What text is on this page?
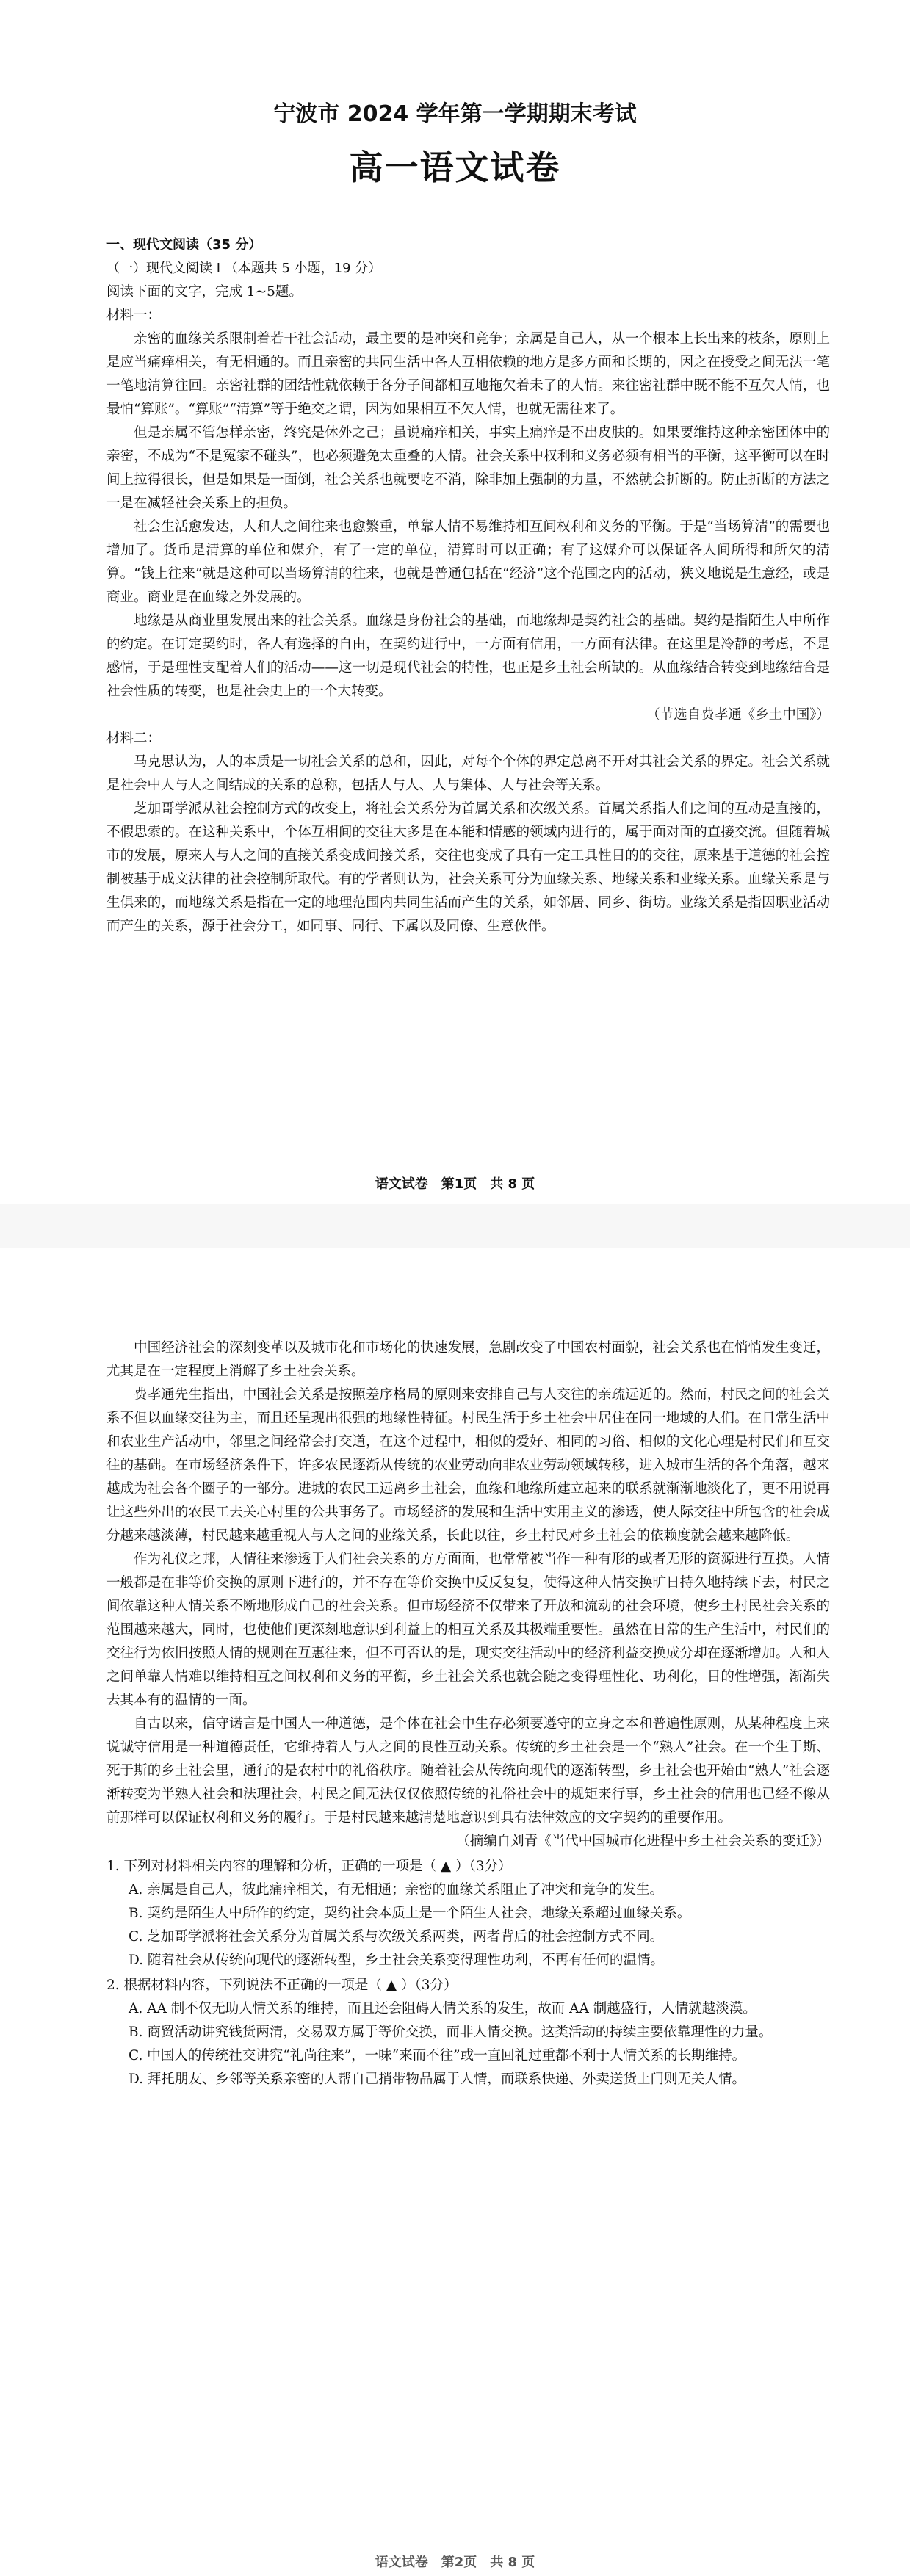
宁波市 2024 学年第一学期期末考试
高一语文试卷

一、现代文阅读（35 分）

（一）现代文阅读 I （本题共 5 小题，19 分）

阅读下面的文字，完成 1~5题。

材料一：

亲密的血缘关系限制着若干社会活动，最主要的是冲突和竞争；亲属是自己人，从一个根本上长出来的枝条，原则上是应当痛痒相关，有无相通的。而且亲密的共同生活中各人互相依赖的地方是多方面和长期的，因之在授受之间无法一笔一笔地清算往回。亲密社群的团结性就依赖于各分子间都相互地拖欠着未了的人情。来往密社群中既不能不互欠人情，也最怕“算账”。“算账”“清算”等于绝交之谓，因为如果相互不欠人情，也就无需往来了。

但是亲属不管怎样亲密，终究是休外之己；虽说痛痒相关，事实上痛痒是不出皮肤的。如果要维持这种亲密团体中的亲密，不成为“不是冤家不碰头”，也必须避免太重叠的人情。社会关系中权利和义务必须有相当的平衡，这平衡可以在时间上拉得很长，但是如果是一面倒，社会关系也就要吃不消，除非加上强制的力量，不然就会折断的。防止折断的方法之一是在减轻社会关系上的担负。

社会生活愈发达，人和人之间往来也愈繁重，单靠人情不易维持相互间权利和义务的平衡。于是“当场算清”的需要也增加了。货币是清算的单位和媒介，有了一定的单位，清算时可以正确；有了这媒介可以保证各人间所得和所欠的清算。“钱上往来”就是这种可以当场算清的往来，也就是普通包括在“经济”这个范围之内的活动，狭义地说是生意经，或是商业。商业是在血缘之外发展的。

地缘是从商业里发展出来的社会关系。血缘是身份社会的基础，而地缘却是契约社会的基础。契约是指陌生人中所作的约定。在订定契约时，各人有选择的自由，在契约进行中，一方面有信用，一方面有法律。在这里是冷静的考虑，不是感情，于是理性支配着人们的活动——这一切是现代社会的特性，也正是乡土社会所缺的。从血缘结合转变到地缘结合是社会性质的转变，也是社会史上的一个大转变。

（节选自费孝通《乡土中国》）

材料二：

马克思认为，人的本质是一切社会关系的总和，因此，对每个个体的界定总离不开对其社会关系的界定。社会关系就是社会中人与人之间结成的关系的总称，包括人与人、人与集体、人与社会等关系。

芝加哥学派从社会控制方式的改变上，将社会关系分为首属关系和次级关系。首属关系指人们之间的互动是直接的，不假思索的。在这种关系中，个体互相间的交往大多是在本能和情感的领域内进行的，属于面对面的直接交流。但随着城市的发展，原来人与人之间的直接关系变成间接关系，交往也变成了具有一定工具性目的的交往，原来基于道德的社会控制被基于成文法律的社会控制所取代。有的学者则认为，社会关系可分为血缘关系、地缘关系和业缘关系。血缘关系是与生俱来的，而地缘关系是指在一定的地理范围内共同生活而产生的关系，如邻居、同乡、街坊。业缘关系是指因职业活动而产生的关系，源于社会分工，如同事、同行、下属以及同僚、生意伙伴。

语文试卷　第1页　共 8 页

中国经济社会的深刻变革以及城市化和市场化的快速发展，急剧改变了中国农村面貌，社会关系也在悄悄发生变迁，尤其是在一定程度上消解了乡土社会关系。

费孝通先生指出，中国社会关系是按照差序格局的原则来安排自己与人交往的亲疏远近的。然而，村民之间的社会关系不但以血缘交往为主，而且还呈现出很强的地缘性特征。村民生活于乡土社会中居住在同一地域的人们。在日常生活中和农业生产活动中，邻里之间经常会打交道，在这个过程中，相似的爱好、相同的习俗、相似的文化心理是村民们和互交往的基础。在市场经济条件下，许多农民逐渐从传统的农业劳动向非农业劳动领域转移，进入城市生活的各个角落，越来越成为社会各个圈子的一部分。进城的农民工远离乡土社会，血缘和地缘所建立起来的联系就渐渐地淡化了，更不用说再让这些外出的农民工去关心村里的公共事务了。市场经济的发展和生活中实用主义的渗透，使人际交往中所包含的社会成分越来越淡薄，村民越来越重视人与人之间的业缘关系，长此以往，乡土村民对乡土社会的依赖度就会越来越降低。

作为礼仪之邦，人情往来渗透于人们社会关系的方方面面，也常常被当作一种有形的或者无形的资源进行互换。人情一般都是在非等价交换的原则下进行的，并不存在等价交换中反反复复，使得这种人情交换旷日持久地持续下去，村民之间依靠这种人情关系不断地形成自己的社会关系。但市场经济不仅带来了开放和流动的社会环境，使乡土村民社会关系的范围越来越大，同时，也使他们更深刻地意识到利益上的相互关系及其极端重要性。虽然在日常的生产生活中，村民们的交往行为依旧按照人情的规则在互惠往来，但不可否认的是，现实交往活动中的经济利益交换成分却在逐渐增加。人和人之间单靠人情难以维持相互之间权利和义务的平衡，乡土社会关系也就会随之变得理性化、功利化，目的性增强，渐渐失去其本有的温情的一面。

自古以来，信守诺言是中国人一种道德，是个体在社会中生存必须要遵守的立身之本和普遍性原则，从某种程度上来说诚守信用是一种道德责任，它维持着人与人之间的良性互动关系。传统的乡土社会是一个“熟人”社会。在一个生于斯、死于斯的乡土社会里，通行的是农村中的礼俗秩序。随着社会从传统向现代的逐渐转型，乡土社会也开始由“熟人”社会逐渐转变为半熟人社会和法理社会，村民之间无法仅仅依照传统的礼俗社会中的规矩来行事，乡土社会的信用也已经不像从前那样可以保证权利和义务的履行。于是村民越来越清楚地意识到具有法律效应的文字契约的重要作用。

（摘编自刘青《当代中国城市化进程中乡土社会关系的变迁》）

1. 下列对材料相关内容的理解和分析，正确的一项是（ ▲ ）（3分）

A. 亲属是自己人，彼此痛痒相关，有无相通；亲密的血缘关系阻止了冲突和竞争的发生。

B. 契约是陌生人中所作的约定，契约社会本质上是一个陌生人社会，地缘关系超过血缘关系。

C. 芝加哥学派将社会关系分为首属关系与次级关系两类，两者背后的社会控制方式不同。

D. 随着社会从传统向现代的逐渐转型，乡土社会关系变得理性功利，不再有任何的温情。

2. 根据材料内容，下列说法不正确的一项是（ ▲ ）（3分）

A. AA 制不仅无助人情关系的维持，而且还会阻碍人情关系的发生，故而 AA 制越盛行，人情就越淡漠。

B. 商贸活动讲究钱货两清，交易双方属于等价交换，而非人情交换。这类活动的持续主要依靠理性的力量。

C. 中国人的传统社交讲究“礼尚往来”，一味“来而不往”或一直回礼过重都不利于人情关系的长期维持。

D. 拜托朋友、乡邻等关系亲密的人帮自己捎带物品属于人情，而联系快递、外卖送货上门则无关人情。

语文试卷　第2页　共 8 页
